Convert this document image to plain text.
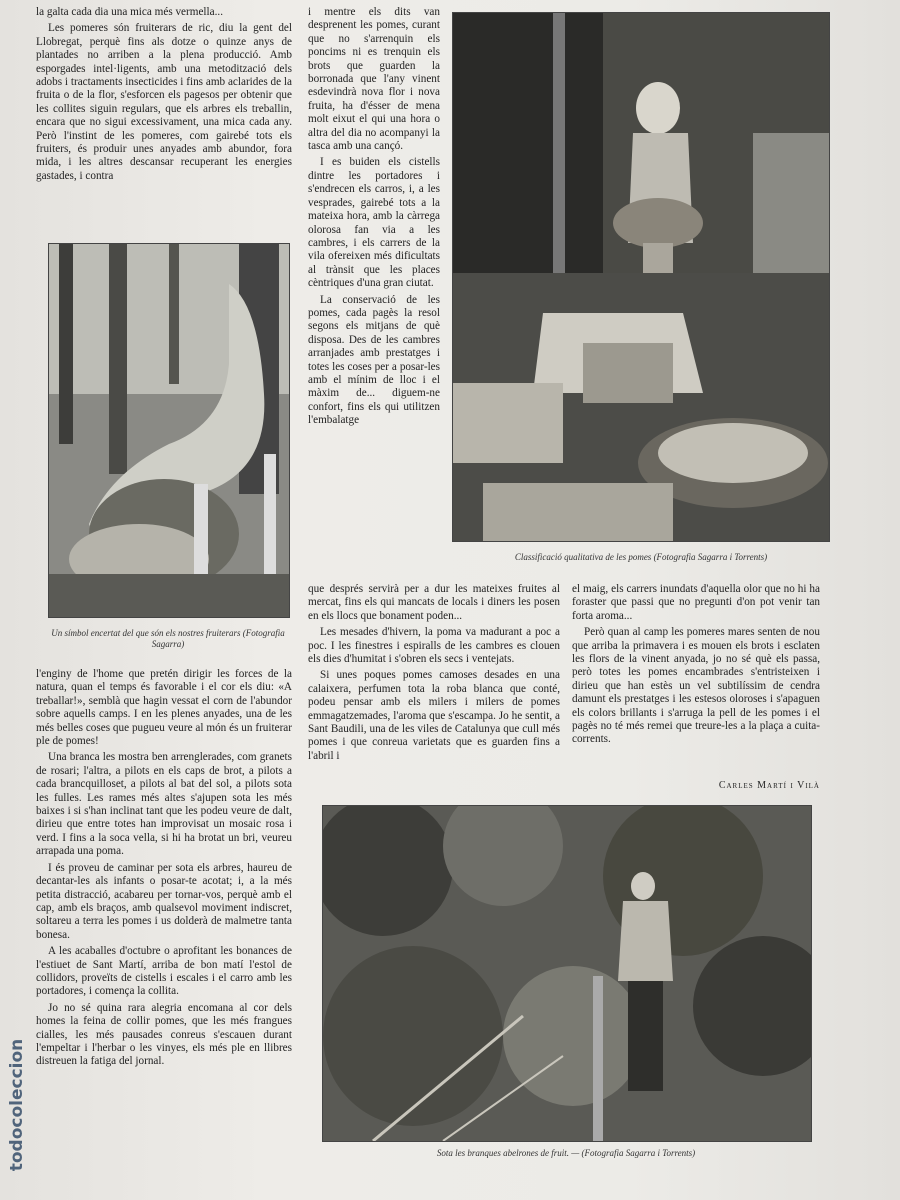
la galta cada dia una mica més vermella...

Les pomeres són fruiterars de ric, diu la gent del Llobregat, perquè fins als dotze o quinze anys de plantades no arriben a la plena producció. Amb esporgades intel·ligents, amb una metodització dels adobs i tractaments insecticides i fins amb aclarides de la fruita o de la flor, s'esforcen els pagesos per obtenir que les collites siguin regulars, que els arbres els treballin, encara que no sigui excessivament, una mica cada any. Però l'instint de les pomeres, com gairebé tots els fruiters, és produir unes anyades amb abundor, fora mida, i les altres descansar recuperant les energies gastades, i contra

Un símbol encertat del que són els nostres fruiterars (Fotografia Sagarra)

l'enginy de l'home que pretén dirigir les forces de la natura, quan el temps és favorable i el cor els diu: «A treballar!», semblà que hagin vessat el corn de l'abundor sobre aquells camps. I en les plenes anyades, una de les més belles coses que pugueu veure al món és un fruiterar ple de pomes!

Una branca les mostra ben arrenglerades, com granets de rosari; l'altra, a pilots en els caps de brot, a pilots a cada brancquilloset, a pilots al bat del sol, a pilots sota les fulles. Les rames més altes s'ajupen sota les més baixes i si s'han inclinat tant que les podeu veure de dalt, dirieu que entre totes han improvisat un mosaic rosa i verd. I fins a la soca vella, si hi ha brotat un bri, veureu arrapada una poma.

I és proveu de caminar per sota els arbres, haureu de decantar-les als infants o posar-te acotat; i, a la més petita distracció, acabareu per tornar-vos, perquè amb el cap, amb els braços, amb qualsevol moviment indiscret, soltareu a terra les pomes i us dolderà de malmetre tanta bonesa.

A les acaballes d'octubre o aprofitant les bonances de l'estiuet de Sant Martí, arriba de bon matí l'estol de collidors, proveïts de cistells i escales i el carro amb les portadores, i comença la collita.

Jo no sé quina rara alegria encomana al cor dels homes la feina de collir pomes, que les més frangues cialles, les més pausades conreus s'escauen durant l'empeltar i l'herbar o les vinyes, els més ple en llibres distreuen la fatiga del jornal.

i mentre els dits van desprenent les pomes, curant que no s'arrenquin els poncims ni es trenquin els brots que guarden la borronada que l'any vinent esdevindrà nova flor i nova fruita, ha d'ésser de mena molt eixut el qui una hora o altra del dia no acompanyi la tasca amb una cançó.

I es buiden els cistells dintre les portadores i s'endrecen els carros, i, a les vesprades, gairebé tots a la mateixa hora, amb la càrrega olorosa fan via a les cambres, i els carrers de la vila ofereixen més dificultats al trànsit que les places cèntriques d'una gran ciutat.

La conservació de les pomes, cada pagès la resol segons els mitjans de què disposa. Des de les cambres arranjades amb prestatges i totes les coses per a posar-les amb el mínim de lloc i el màxim de... diguem-ne confort, fins els qui utilitzen l'embalatge

que després servirà per a dur les mateixes fruites al mercat, fins els qui mancats de locals i diners les posen en els llocs que bonament poden...

Les mesades d'hivern, la poma va madurant a poc a poc. I les finestres i espiralls de les cambres es clouen els dies d'humitat i s'obren els secs i ventejats.

Si unes poques pomes camoses desades en una calaixera, perfumen tota la roba blanca que conté, podeu pensar amb els milers i milers de pomes emmagatzemades, l'aroma que s'escampa. Jo he sentit, a Sant Baudili, una de les viles de Catalunya que cull més pomes i que conreua varietats que es guarden fins a l'abril i

Classificació qualitativa de les pomes (Fotografia Sagarra i Torrents)

el maig, els carrers inundats d'aquella olor que no hi ha foraster que passi que no pregunti d'on pot venir tan forta aroma...

Però quan al camp les pomeres mares senten de nou que arriba la primavera i es mouen els brots i esclaten les flors de la vinent anyada, jo no sé què els passa, però totes les pomes encambrades s'entristeixen i dirieu que han estès un vel subtilíssim de cendra damunt els prestatges i les estesos oloroses i s'apaguen els colors brillants i s'arruga la pell de les pomes i el pagès no té més remei que treure-les a la plaça a cuita-corrents.

Carles Martí i Vilà
Sota les branques abelrones de fruit. — (Fotografia Sagarra i Torrents)
todocoleccion
